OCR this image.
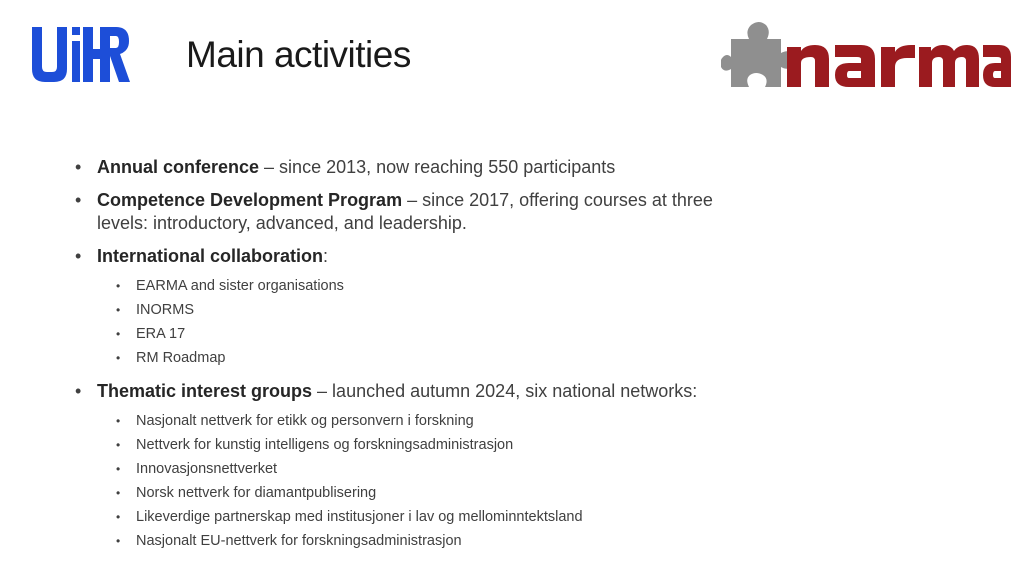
Main activities
• Annual conference – since 2013, now reaching 550 participants
• Competence Development Program – since 2017, offering courses at three levels: introductory, advanced, and leadership.
• International collaboration:
• EARMA and sister organisations
• INORMS
• ERA 17
• RM Roadmap
• Thematic interest groups – launched autumn 2024, six national networks:
• Nasjonalt nettverk for etikk og personvern i forskning
• Nettverk for kunstig intelligens og forskningsadministrasjon
• Innovasjonsnettverket
• Norsk nettverk for diamantpublisering
• Likeverdige partnerskap med institusjoner i lav og mellominntektsland
• Nasjonalt EU-nettverk for forskningsadministrasjon
